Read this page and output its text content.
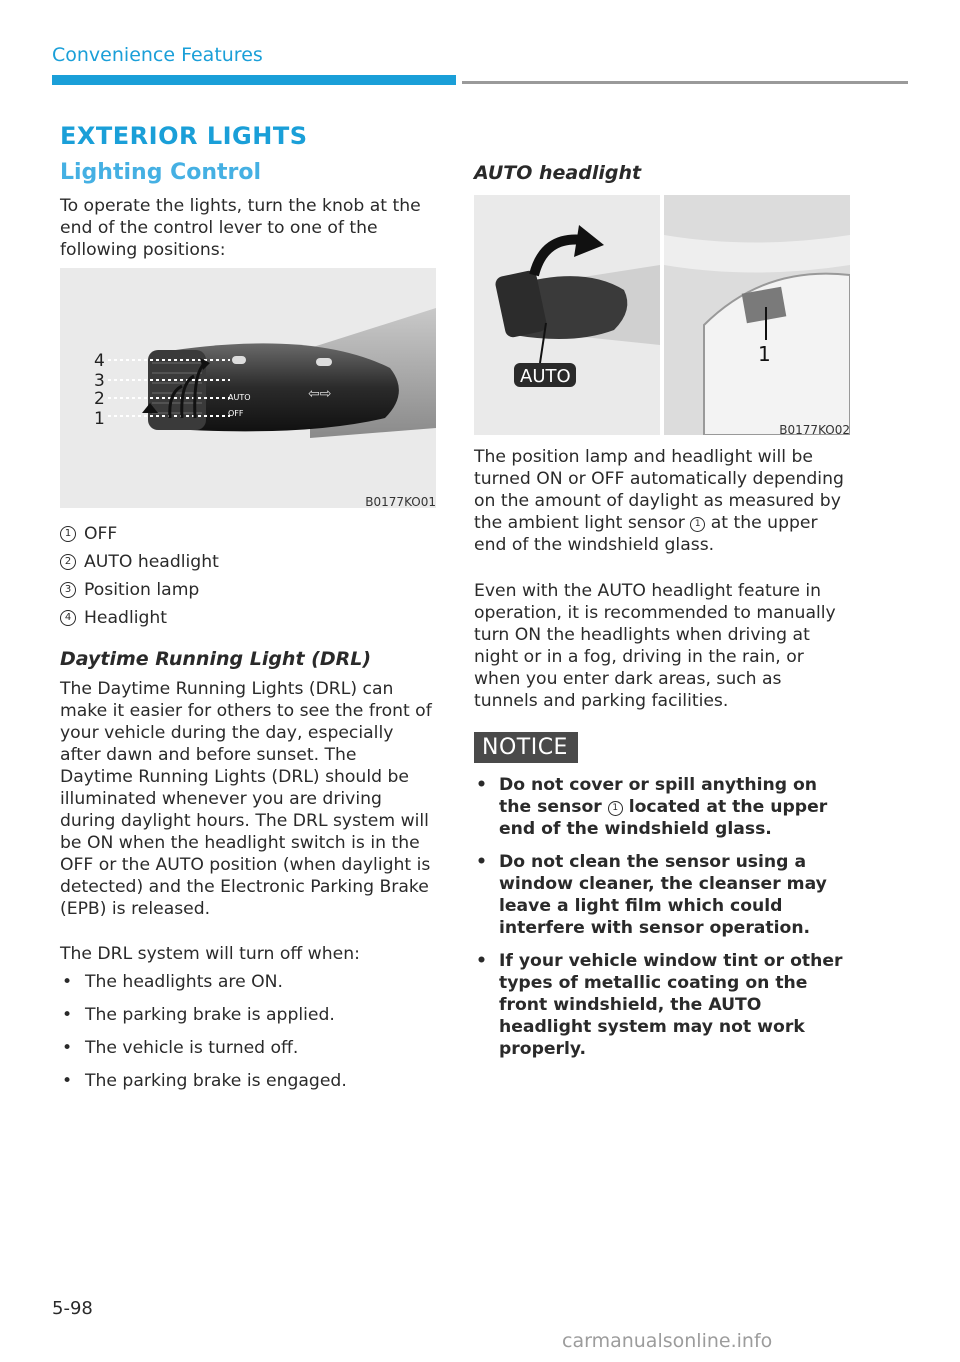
Convenience Features
EXTERIOR LIGHTS
Lighting Control
To operate the lights, turn the knob at the end of the control lever to one of the following positions:
4
3
2
1
AUTO
OFF
⇦⇨
B0177KO01
1 OFF
2 AUTO headlight
3 Position lamp
4 Headlight
Daytime Running Light (DRL)
The Daytime Running Lights (DRL) can make it easier for others to see the front of your vehicle during the day, especially after dawn and before sunset. The Daytime Running Lights (DRL) should be illuminated whenever you are driving during daylight hours. The DRL system will be ON when the headlight switch is in the OFF or the AUTO position (when daylight is detected) and the Electronic Parking Brake (EPB) is released.
The DRL system will turn off when:
• The headlights are ON.
• The parking brake is applied.
• The vehicle is turned off.
• The parking brake is engaged.
AUTO headlight
AUTO
1
B0177KO02
The position lamp and headlight will be turned ON or OFF automatically depending on the amount of daylight as measured by the ambient light sensor 1 at the upper end of the windshield glass.
Even with the AUTO headlight feature in operation, it is recommended to manually turn ON the headlights when driving at night or in a fog, driving in the rain, or when you enter dark areas, such as tunnels and parking facilities.
NOTICE
• Do not cover or spill anything on the sensor 1 located at the upper end of the windshield glass.
• Do not clean the sensor using a window cleaner, the cleanser may leave a light film which could interfere with sensor operation.
• If your vehicle window tint or other types of metallic coating on the front windshield, the AUTO headlight system may not work properly.
5-98
carmanualsonline.info
